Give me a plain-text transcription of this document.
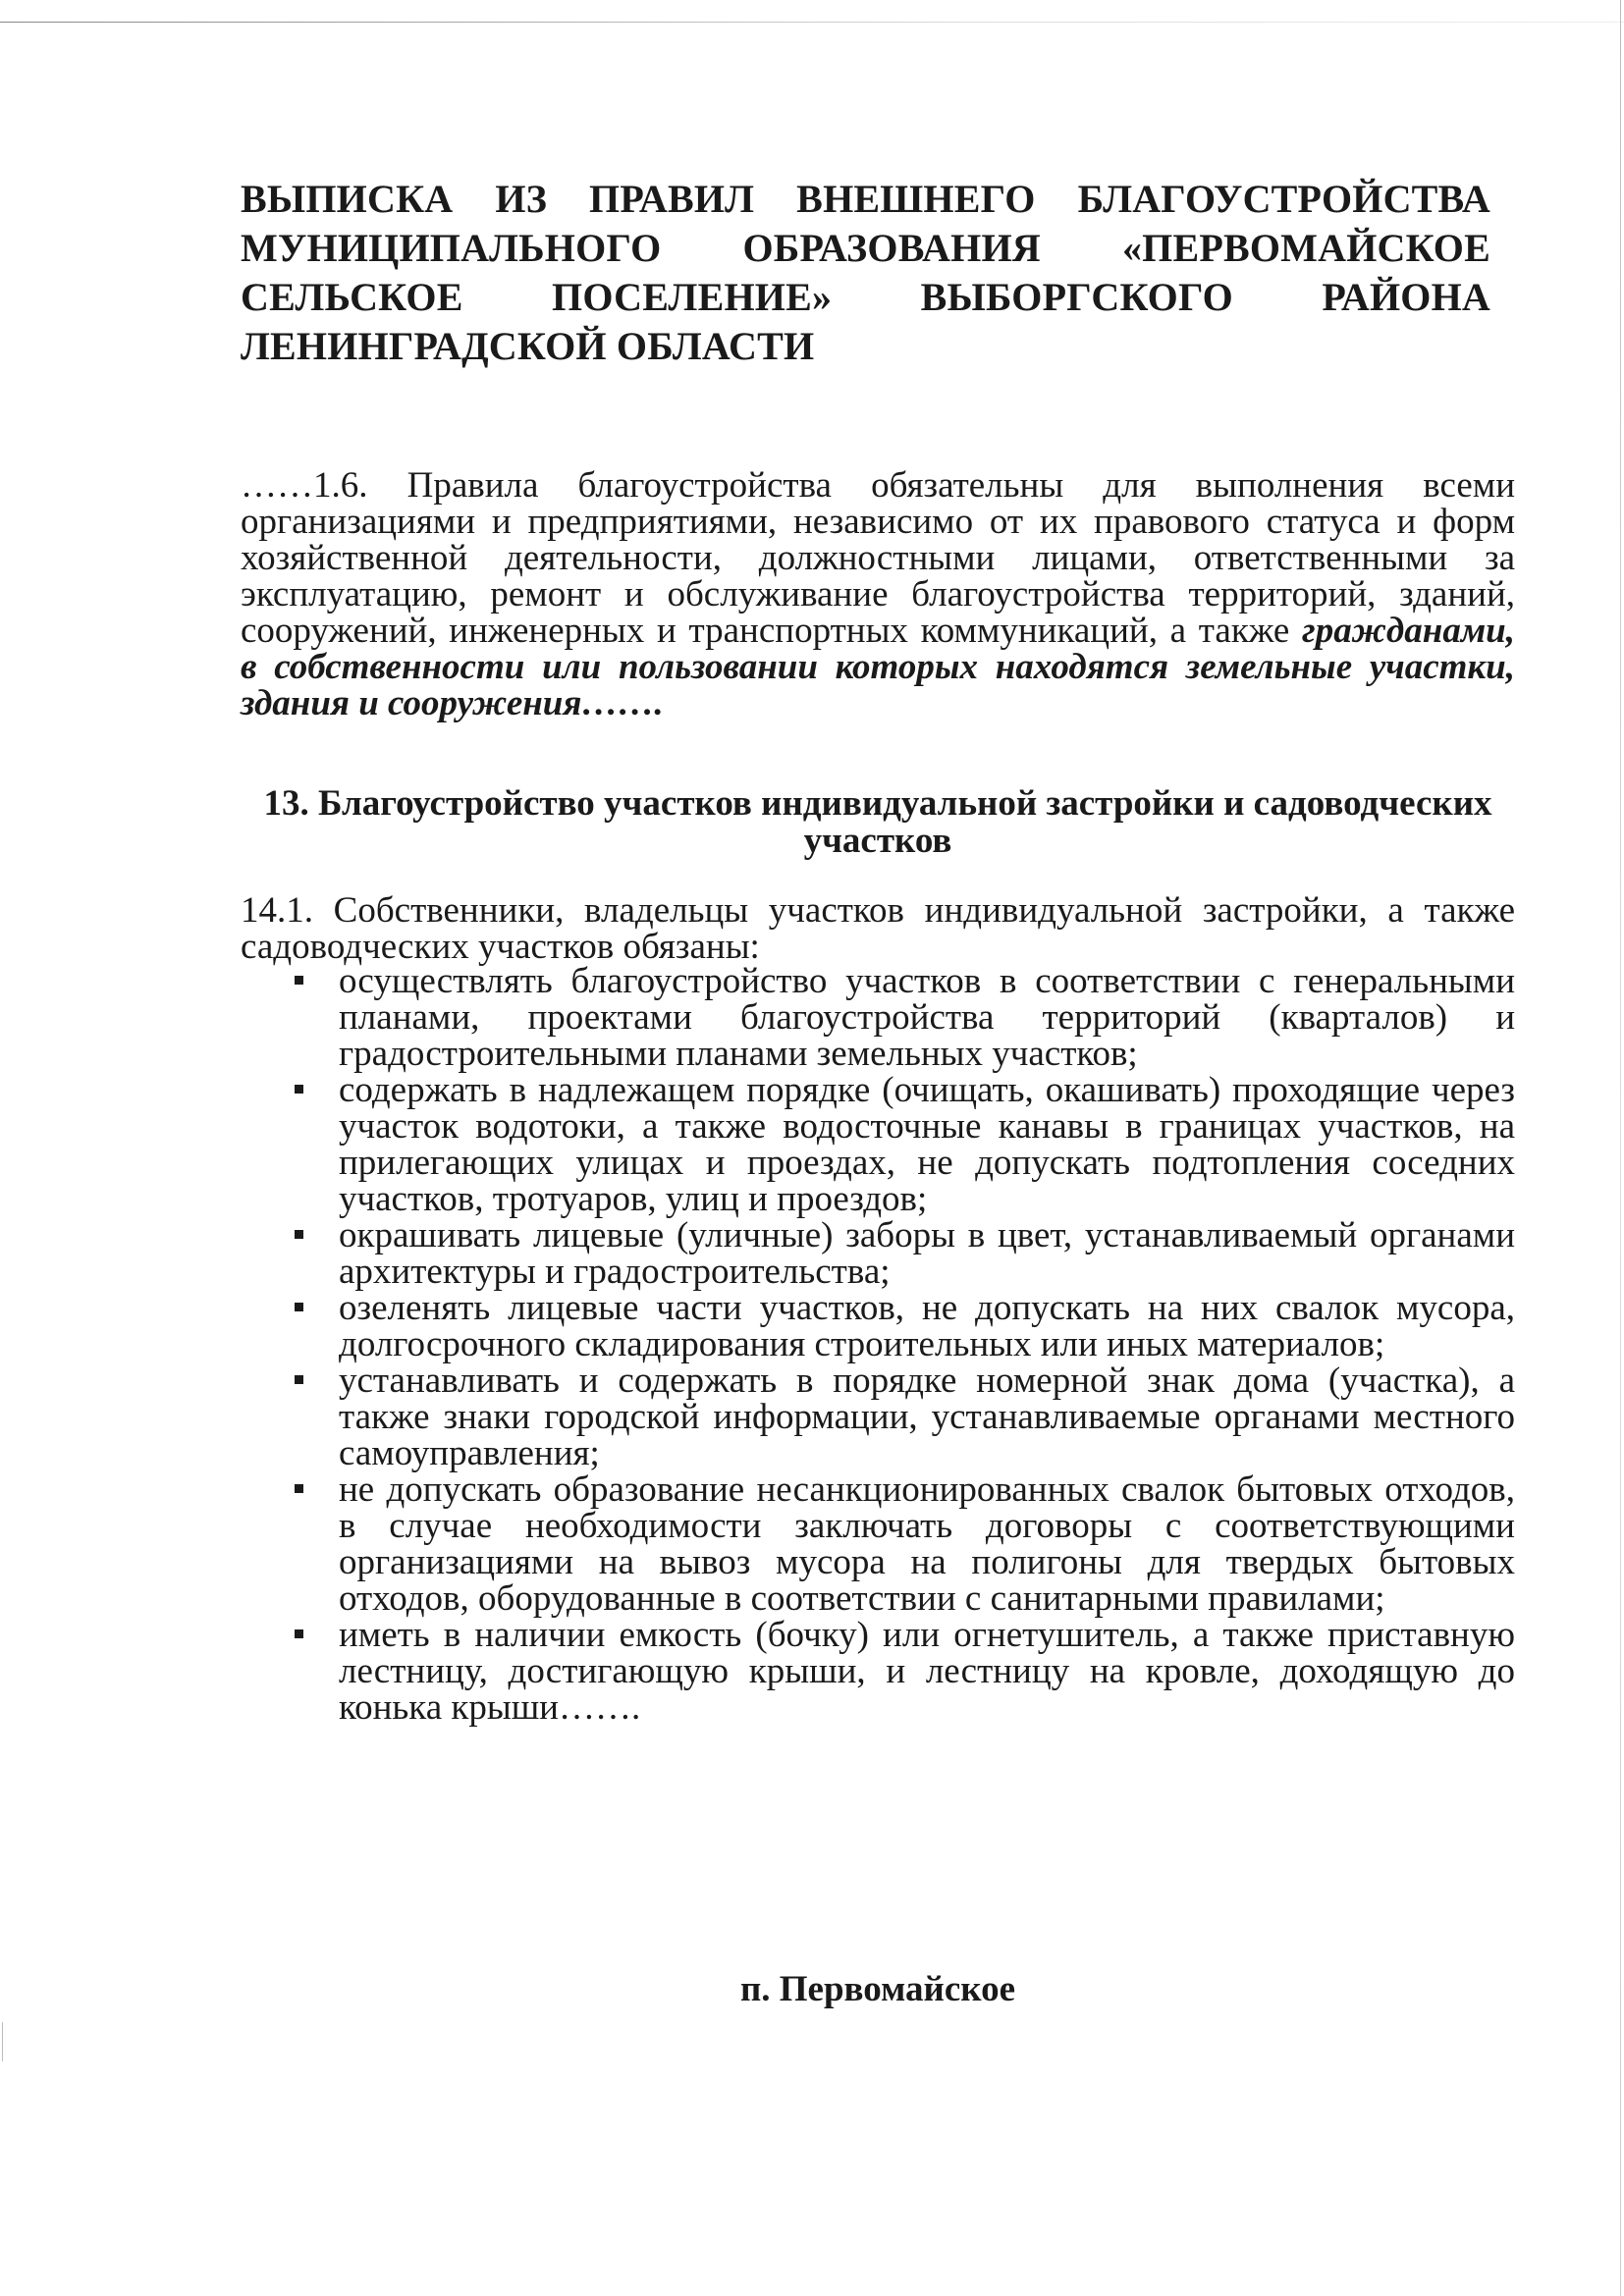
ВЫПИСКА ИЗ ПРАВИЛ ВНЕШНЕГО БЛАГОУСТРОЙСТВА МУНИЦИПАЛЬНОГО ОБРАЗОВАНИЯ «ПЕРВОМАЙСКОЕ СЕЛЬСКОЕ ПОСЕЛЕНИЕ» ВЫБОРГСКОГО РАЙОНА ЛЕНИНГРАДСКОЙ ОБЛАСТИ

……1.6. Правила благоустройства обязательны для выполнения всеми организациями и предприятиями, независимо от их правового статуса и форм хозяйственной деятельности, должностными лицами, ответственными за эксплуатацию, ремонт и обслуживание благоустройства территорий, зданий, сооружений, инженерных и транспортных коммуникаций, а также гражданами, в собственности или пользовании которых находятся земельные участки, здания и сооружения…….

13. Благоустройство участков индивидуальной застройки и садоводческих участков

14.1. Собственники, владельцы участков индивидуальной застройки, а также садоводческих участков обязаны:

осуществлять благоустройство участков в соответствии с генеральными планами, проектами благоустройства территорий (кварталов) и градостроительными планами земельных участков;
содержать в надлежащем порядке (очищать, окашивать) проходящие через участок водотоки, а также водосточные канавы в границах участков, на прилегающих улицах и проездах, не допускать подтопления соседних участков, тротуаров, улиц и проездов;
окрашивать лицевые (уличные) заборы в цвет, устанавливаемый органами архитектуры и градостроительства;
озеленять лицевые части участков, не допускать на них свалок мусора, долгосрочного складирования строительных или иных материалов;
устанавливать и содержать в порядке номерной знак дома (участка), а также знаки городской информации, устанавливаемые органами местного самоуправления;
не допускать образование несанкционированных свалок бытовых отходов, в случае необходимости заключать договоры с соответствующими организациями на вывоз мусора на полигоны для твердых бытовых отходов, оборудованные в соответствии с санитарными правилами;
иметь в наличии емкость (бочку) или огнетушитель, а также приставную лестницу, достигающую крыши, и лестницу на кровле, доходящую до конька крыши…….

п. Первомайское
